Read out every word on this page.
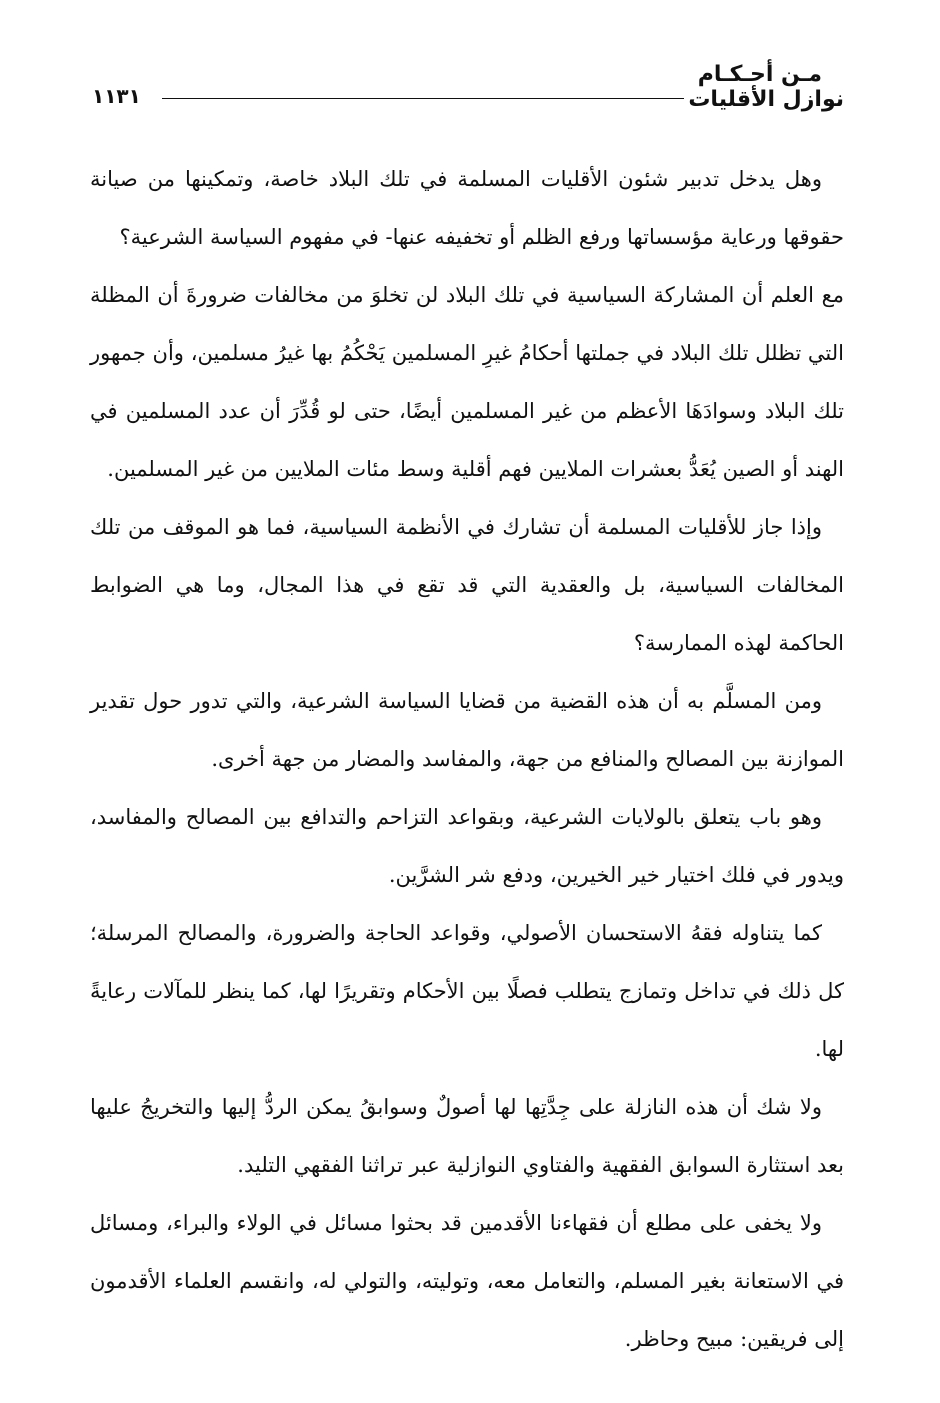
مـن أحـكـام
نوازل الأقليات
١١٣١

وهل يدخل تدبير شئون الأقليات المسلمة في تلك البلاد خاصة، وتمكينها من صيانة حقوقها ورعاية مؤسساتها ورفع الظلم أو تخفيفه عنها- في مفهوم السياسة الشرعية؟

مع العلم أن المشاركة السياسية في تلك البلاد لن تخلوَ من مخالفات ضرورةَ أن المظلة التي تظلل تلك البلاد في جملتها أحكامُ غيرِ المسلمين يَحْكُمُ بها غيرُ مسلمين، وأن جمهور تلك البلاد وسوادَهَا الأعظم من غير المسلمين أيضًا، حتى لو قُدِّرَ أن عدد المسلمين في الهند أو الصين يُعَدُّ بعشرات الملايين فهم أقلية وسط مئات الملايين من غير المسلمين.

وإذا جاز للأقليات المسلمة أن تشارك في الأنظمة السياسية، فما هو الموقف من تلك المخالفات السياسية، بل والعقدية التي قد تقع في هذا المجال، وما هي الضوابط الحاكمة لهذه الممارسة؟

ومن المسلَّم به أن هذه القضية من قضايا السياسة الشرعية، والتي تدور حول تقدير الموازنة بين المصالح والمنافع من جهة، والمفاسد والمضار من جهة أخرى.

وهو باب يتعلق بالولايات الشرعية، وبقواعد التزاحم والتدافع بين المصالح والمفاسد، ويدور في فلك اختيار خير الخيرين، ودفع شر الشرَّين.

كما يتناوله فقهُ الاستحسان الأصولي، وقواعد الحاجة والضرورة، والمصالح المرسلة؛ كل ذلك في تداخل وتمازج يتطلب فصلًا بين الأحكام وتقريرًا لها، كما ينظر للمآلات رعايةً لها.

ولا شك أن هذه النازلة على جِدَّتِها لها أصولٌ وسوابقُ يمكن الردُّ إليها والتخريجُ عليها بعد استثارة السوابق الفقهية والفتاوي النوازلية عبر تراثنا الفقهي التليد.

ولا يخفى على مطلع أن فقهاءنا الأقدمين قد بحثوا مسائل في الولاء والبراء، ومسائل في الاستعانة بغير المسلم، والتعامل معه، وتوليته، والتولي له، وانقسم العلماء الأقدمون إلى فريقين: مبيح وحاظر.
